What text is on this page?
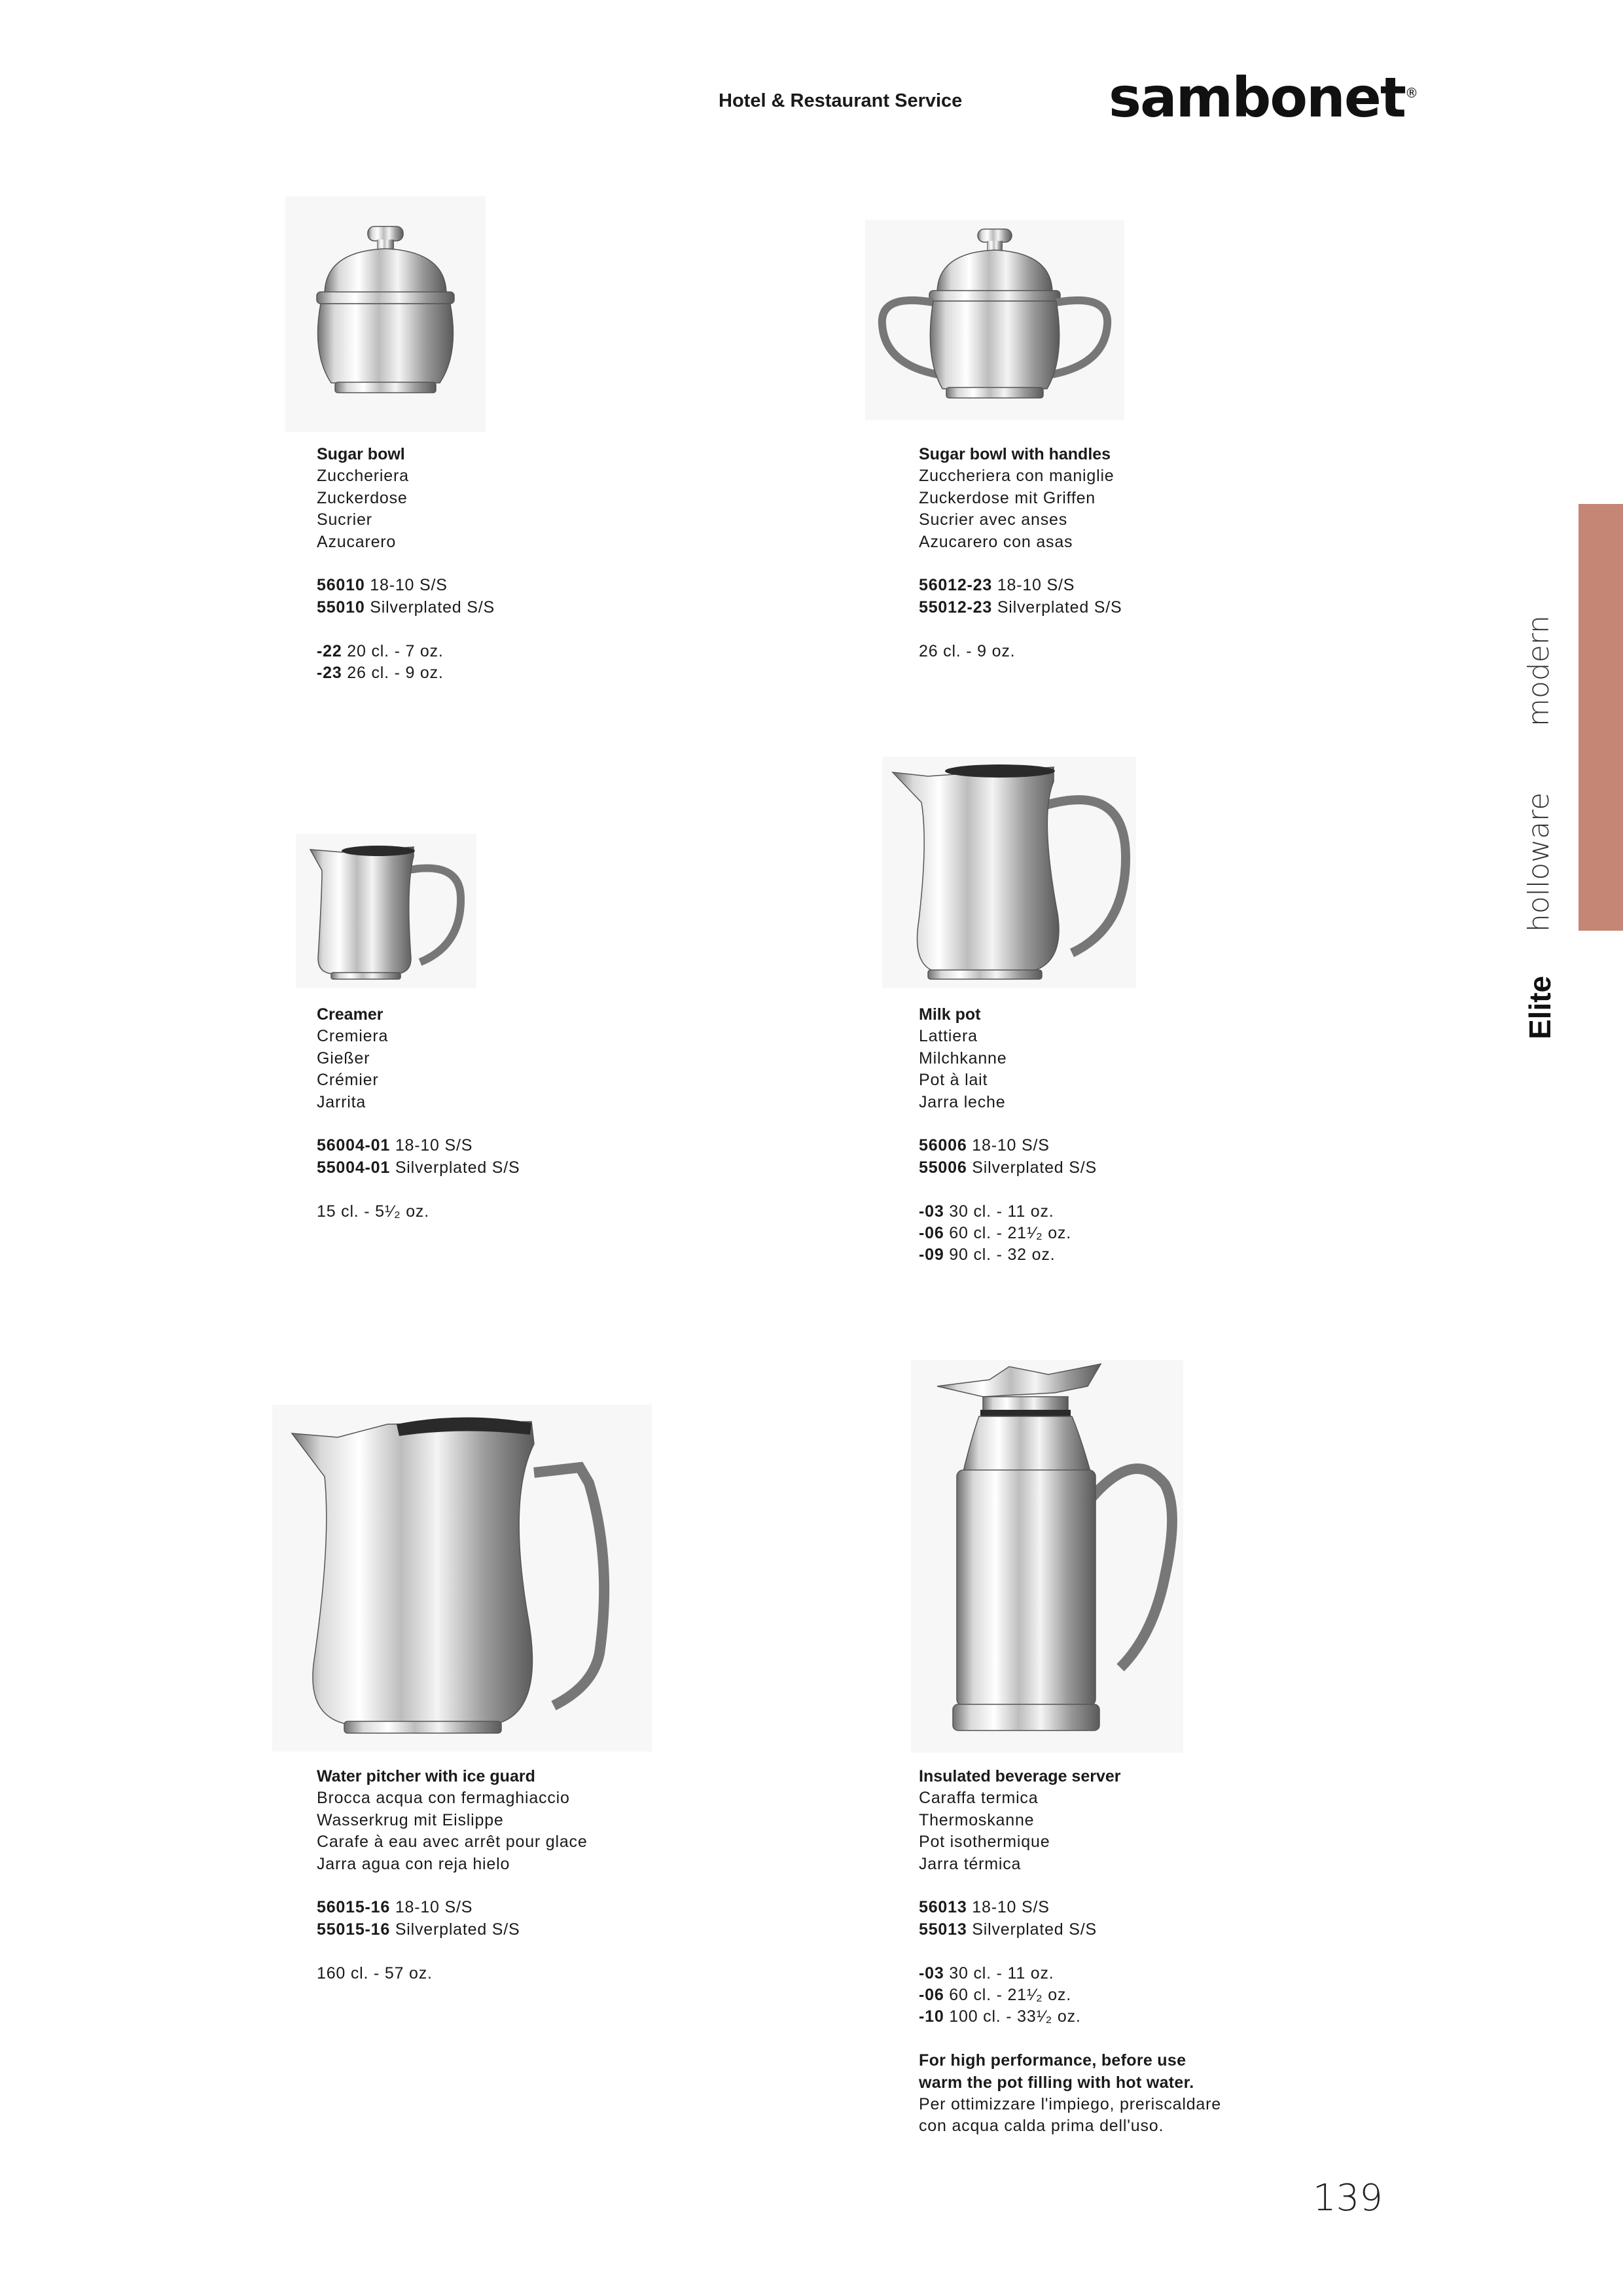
Hotel & Restaurant Service	sambonet®
Elite
holloware
modern
Sugar bowl
Zuccheriera
Zuckerdose
Sucrier
Azucarero
56010 18-10 S/S
55010 Silverplated S/S
-22 20 cl. - 7 oz.
-23 26 cl. - 9 oz.
Sugar bowl with handles
Zuccheriera con maniglie
Zuckerdose mit Griffen
Sucrier avec anses
Azucarero con asas
56012-23 18-10 S/S
55012-23 Silverplated S/S
26 cl. - 9 oz.
Creamer
Cremiera
Gießer
Crémier
Jarrita
56004-01 18-10 S/S
55004-01 Silverplated S/S
15 cl. - 5¹⁄₂ oz.
Milk pot
Lattiera
Milchkanne
Pot à lait
Jarra leche
56006 18-10 S/S
55006 Silverplated S/S
-03 30 cl. - 11 oz.
-06 60 cl. - 21¹⁄₂ oz.
-09 90 cl. - 32 oz.
Water pitcher with ice guard
Brocca acqua con fermaghiaccio
Wasserkrug mit Eislippe
Carafe à eau avec arrêt pour glace
Jarra agua con reja hielo
56015-16 18-10 S/S
55015-16 Silverplated S/S
160 cl. - 57 oz.
Insulated beverage server
Caraffa termica
Thermoskanne
Pot isothermique
Jarra térmica
56013 18-10 S/S
55013 Silverplated S/S
-03 30 cl. - 11 oz.
-06 60 cl. - 21¹⁄₂ oz.
-10 100 cl. - 33¹⁄₂ oz.
For high performance, before use
warm the pot filling with hot water.
Per ottimizzare l'impiego, preriscaldare
con acqua calda prima dell'uso.
139
